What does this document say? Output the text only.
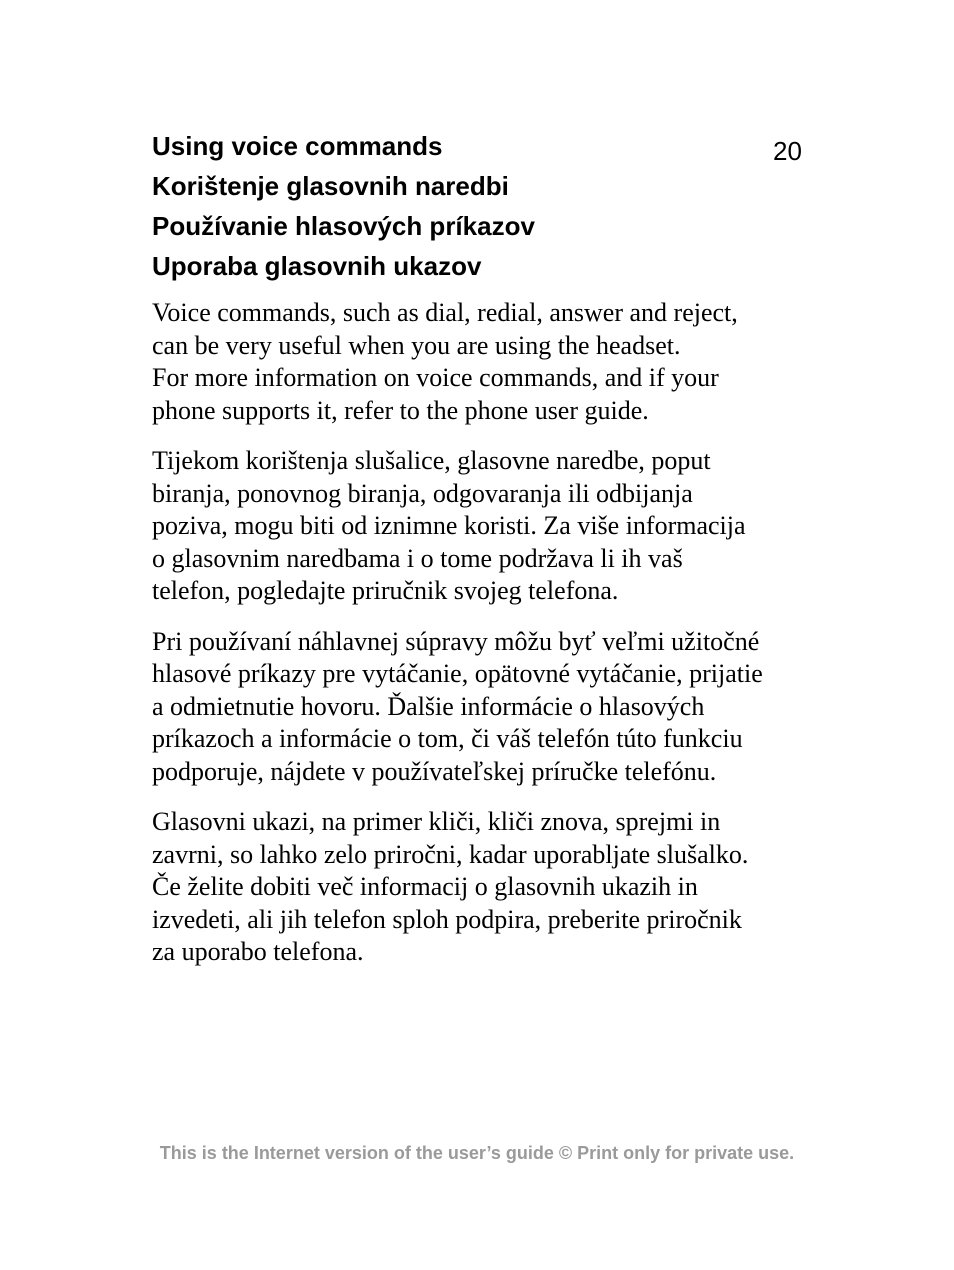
20
Using voice commands
Korištenje glasovnih naredbi
Používanie hlasových príkazov
Uporaba glasovnih ukazov

Voice commands, such as dial, redial, answer and reject,
can be very useful when you are using the headset.
For more information on voice commands, and if your
phone supports it, refer to the phone user guide.

Tijekom korištenja slušalice, glasovne naredbe, poput
biranja, ponovnog biranja, odgovaranja ili odbijanja
poziva, mogu biti od iznimne koristi. Za više informacija
o glasovnim naredbama i o tome podržava li ih vaš
telefon, pogledajte priručnik svojeg telefona.

Pri používaní náhlavnej súpravy môžu byť veľmi užitočné
hlasové príkazy pre vytáčanie, opätovné vytáčanie, prijatie
a odmietnutie hovoru. Ďalšie informácie o hlasových
príkazoch a informácie o tom, či váš telefón túto funkciu
podporuje, nájdete v používateľskej príručke telefónu.

Glasovni ukazi, na primer kliči, kliči znova, sprejmi in
zavrni, so lahko zelo priročni, kadar uporabljate slušalko.
Če želite dobiti več informacij o glasovnih ukazih in
izvedeti, ali jih telefon sploh podpira, preberite priročnik
za uporabo telefona.

This is the Internet version of the user’s guide © Print only for private use.
